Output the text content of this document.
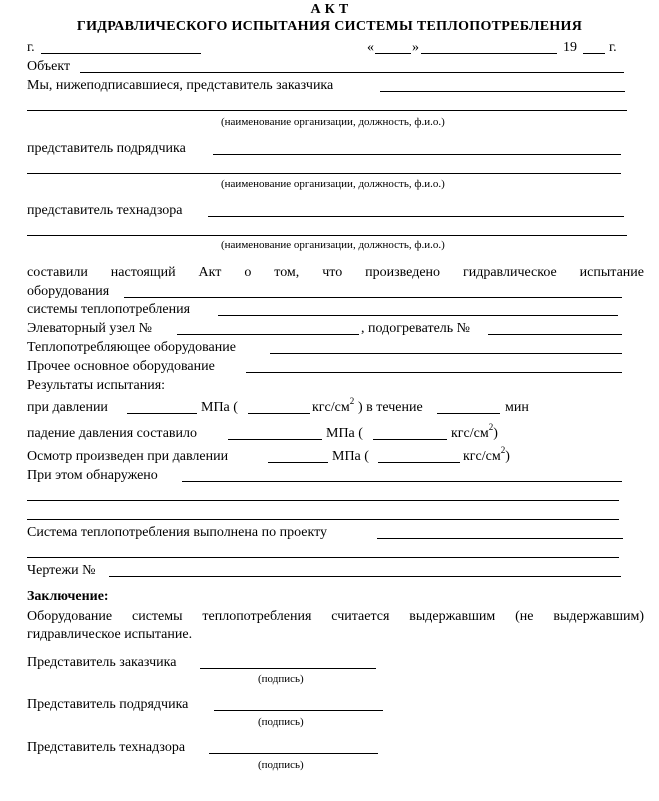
А К Т
ГИДРАВЛИЧЕСКОГО ИСПЫТАНИЯ СИСТЕМЫ ТЕПЛОПОТРЕБЛЕНИЯ
г.	«	»	19 г.
Объект
Мы, нижеподписавшиеся, представитель заказчика
(наименование организации, должность, ф.и.о.)
представитель подрядчика
(наименование организации, должность, ф.и.о.)
представитель технадзора
(наименование организации, должность, ф.и.о.)
составили настоящий Акт о том, что произведено гидравлическое испытание
оборудования
системы теплопотребления
Элеваторный узел №	, подогреватель №
Теплопотребляющее оборудование
Прочее основное оборудование
Результаты испытания:
при давлении	МПа (	кгс/$см^2$ ) в течение	мин
падение давления составило	МПа (	кгс/$см^2$)
Осмотр произведен при давлении	МПа (	кгс/$см^2$)
При этом обнаружено
Система теплопотребления выполнена по проекту
Чертежи №
Заключение:
Оборудование системы теплопотребления считается выдержавшим (не выдержавшим)
гидравлическое испытание.
Представитель заказчика
(подпись)
Представитель подрядчика
(подпись)
Представитель технадзора
(подпись)
